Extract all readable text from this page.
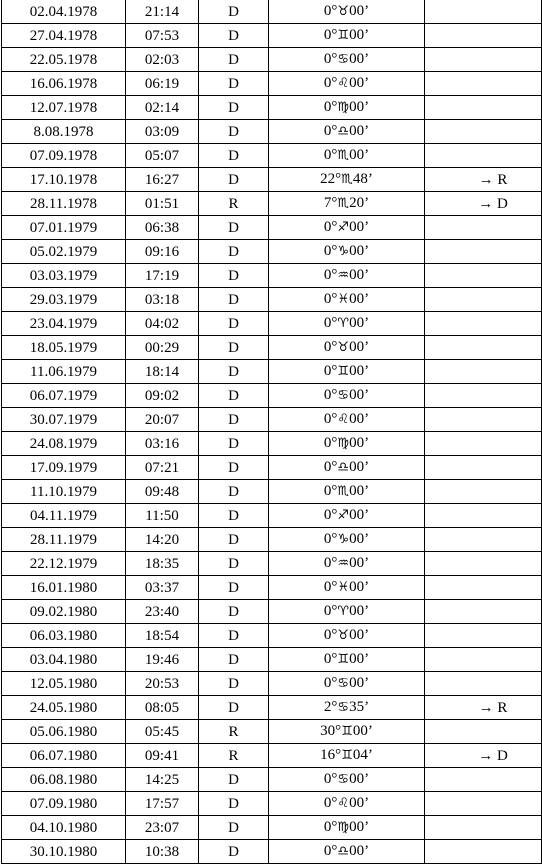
02.04.1978	21:14	D	0°♉00’	
27.04.1978	07:53	D	0°♊00’	
22.05.1978	02:03	D	0°♋00’	
16.06.1978	06:19	D	0°♌00’	
12.07.1978	02:14	D	0°♍00’	
8.08.1978	03:09	D	0°♎00’	
07.09.1978	05:07	D	0°♏00’	
17.10.1978	16:27	D	22°♏48’	→ R
28.11.1978	01:51	R	7°♏20’	→ D
07.01.1979	06:38	D	0°♐00’	
05.02.1979	09:16	D	0°♑00’	
03.03.1979	17:19	D	0°♒00’	
29.03.1979	03:18	D	0°♓00’	
23.04.1979	04:02	D	0°♈00’	
18.05.1979	00:29	D	0°♉00’	
11.06.1979	18:14	D	0°♊00’	
06.07.1979	09:02	D	0°♋00’	
30.07.1979	20:07	D	0°♌00’	
24.08.1979	03:16	D	0°♍00’	
17.09.1979	07:21	D	0°♎00’	
11.10.1979	09:48	D	0°♏00’	
04.11.1979	11:50	D	0°♐00’	
28.11.1979	14:20	D	0°♑00’	
22.12.1979	18:35	D	0°♒00’	
16.01.1980	03:37	D	0°♓00’	
09.02.1980	23:40	D	0°♈00’	
06.03.1980	18:54	D	0°♉00’	
03.04.1980	19:46	D	0°♊00’	
12.05.1980	20:53	D	0°♋00’	
24.05.1980	08:05	D	2°♋35’	→ R
05.06.1980	05:45	R	30°♊00’	
06.07.1980	09:41	R	16°♊04’	→ D
06.08.1980	14:25	D	0°♋00’	
07.09.1980	17:57	D	0°♌00’	
04.10.1980	23:07	D	0°♍00’	
30.10.1980	10:38	D	0°♎00’	
